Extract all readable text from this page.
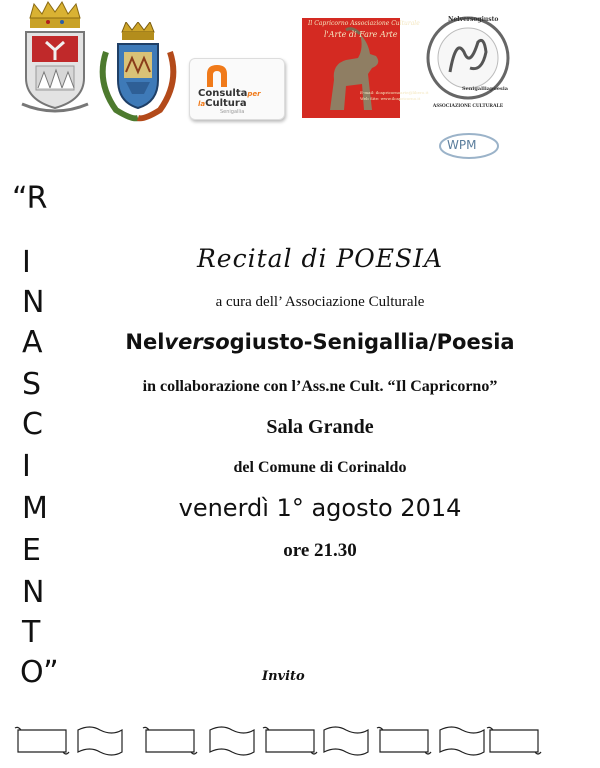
Consultaper
laCultura
Senigallia
Il Capricorno Associazione Culturale
l'Arte di Fare Arte
E-mail: ilcapricornoarte@libero.it
Web Site: www.ilcapricorno.it
Nelversogiusto
Senigallia poesia
ASSOCIAZIONE CULTURALE
WPM
“R
I
N
A
S
C
I
M
E
N
T
O”
Recital di POESIA
a cura dell’ Associazione Culturale
Nelversogiusto-Senigallia/Poesia
in collaborazione con l’Ass.ne Cult. “Il Capricorno”
Sala Grande
del Comune di Corinaldo
venerdì 1° agosto 2014
ore 21.30
Invito
